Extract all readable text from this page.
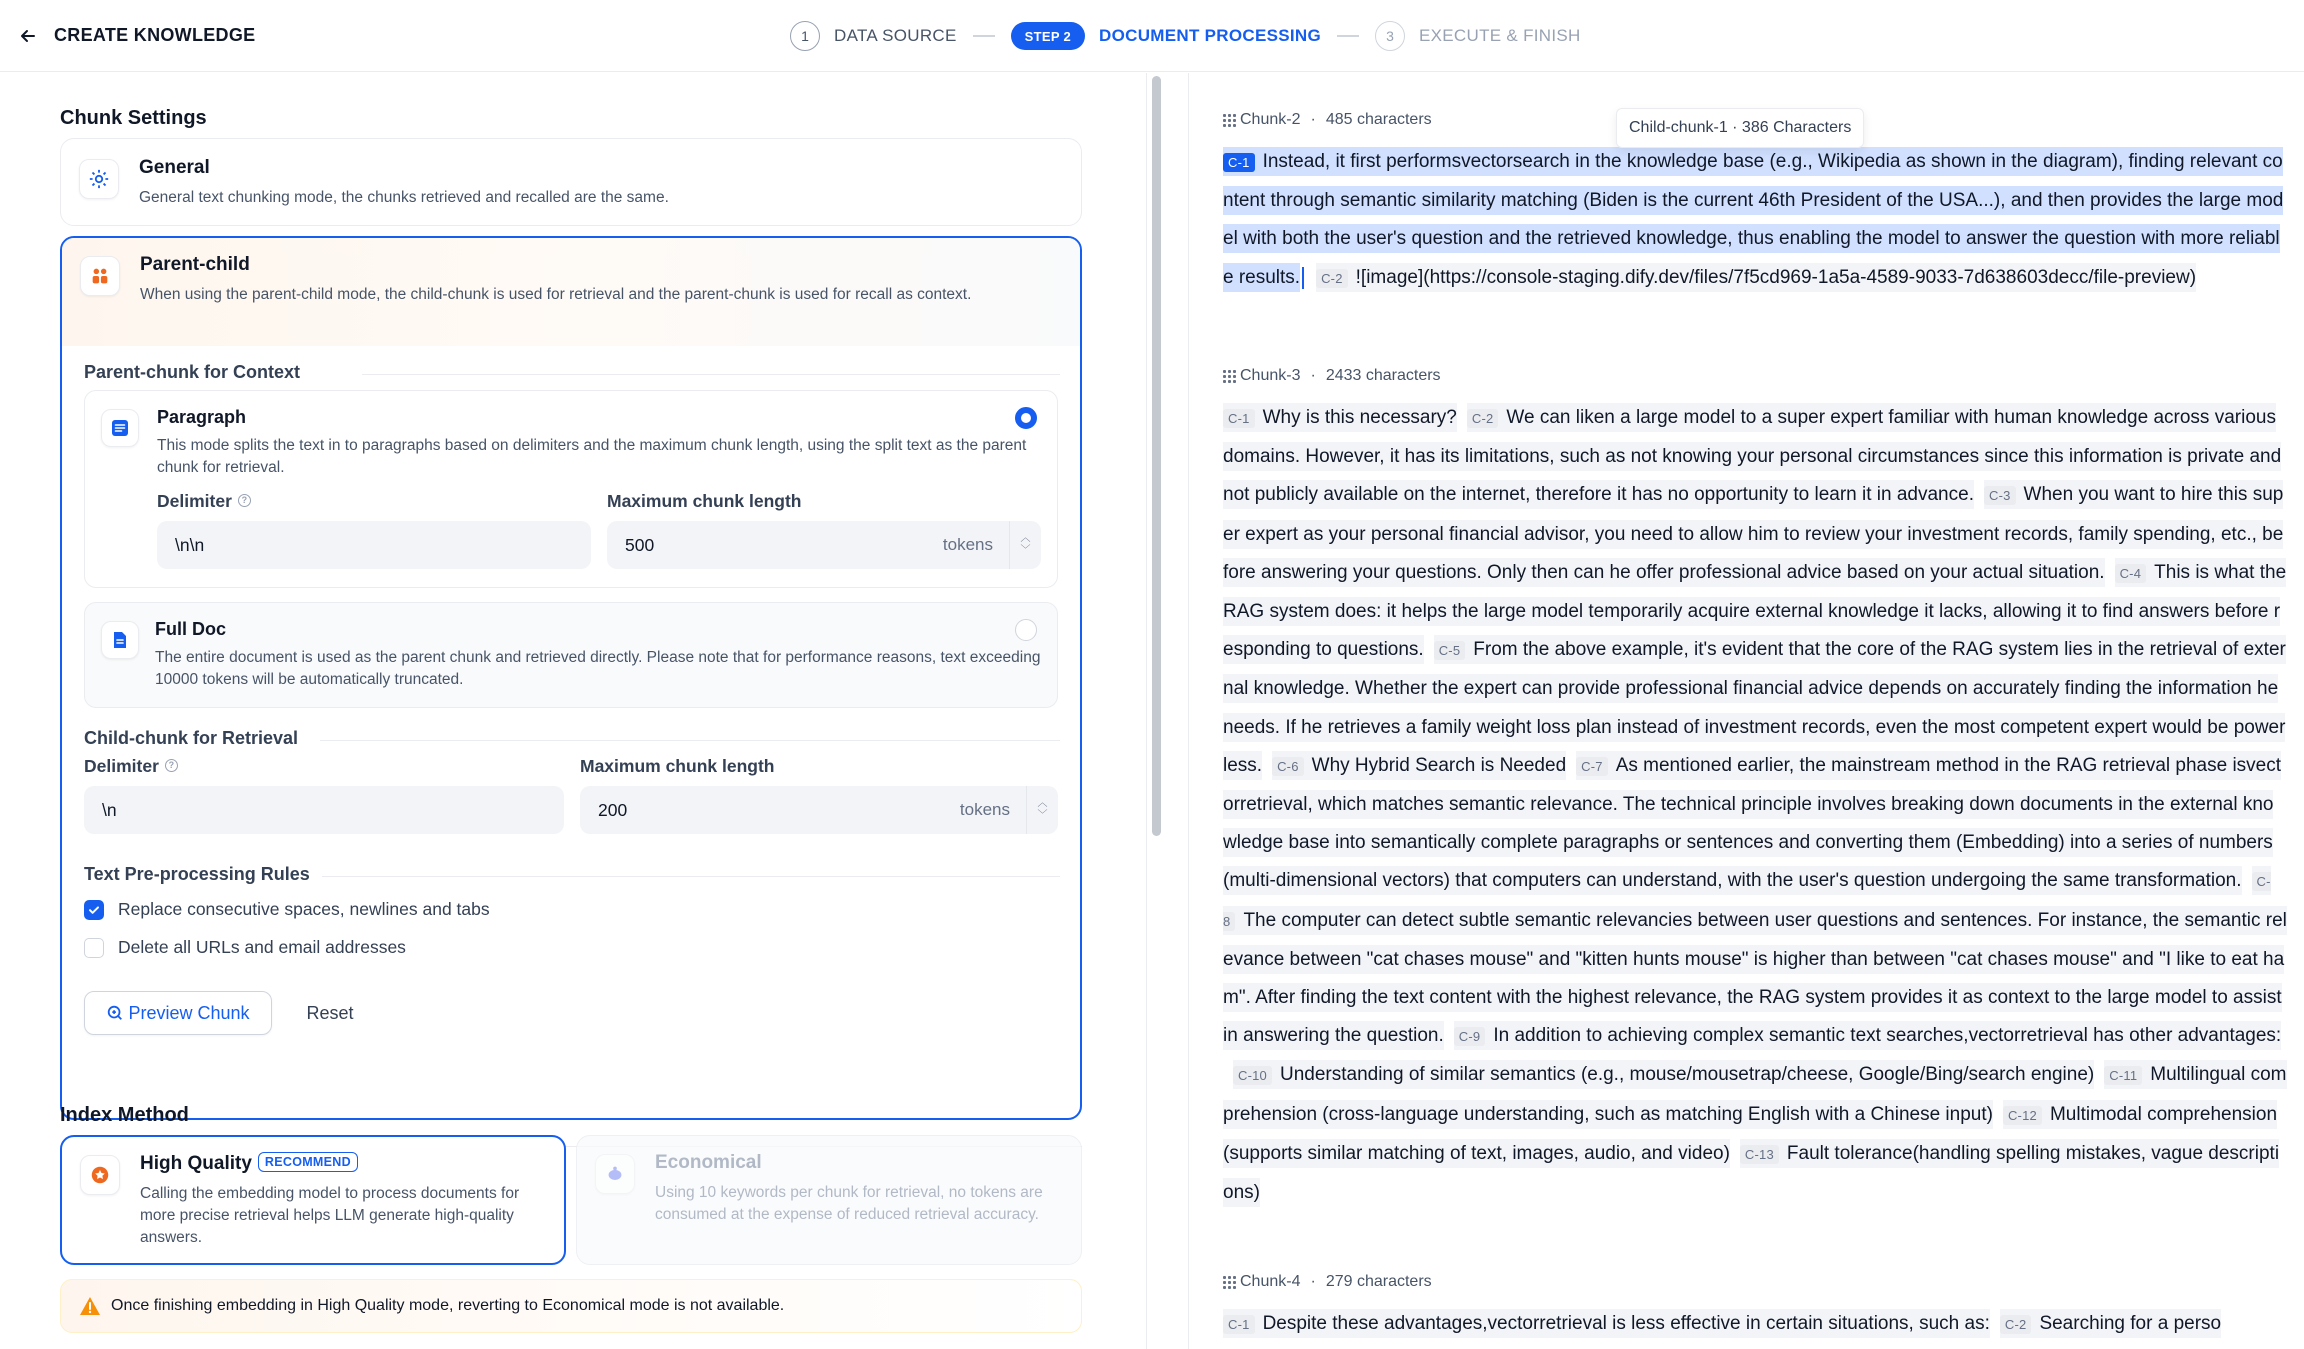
CREATE KNOWLEDGE	1	DATA SOURCE	STEP 2	DOCUMENT PROCESSING	3	EXECUTE & FINISH
Chunk Settings
General
General text chunking mode, the chunks retrieved and recalled are the same.
Parent-child
When using the parent-child mode, the child-chunk is used for retrieval and the parent-chunk is used for recall as context.
Parent-chunk for Context
Paragraph
This mode splits the text in to paragraphs based on delimiters and the maximum chunk length, using the split text as the parent chunk for retrieval.
Delimiter ?	Maximum chunk length
\n\n	500	tokens	︿
﹀
Full Doc
The entire document is used as the parent chunk and retrieved directly. Please note that for performance reasons, text exceeding 10000 tokens will be automatically truncated.
Child-chunk for Retrieval
Delimiter ?	Maximum chunk length
\n	200	tokens	︿
﹀
Text Pre-processing Rules
Replace consecutive spaces, newlines and tabs
Delete all URLs and email addresses
Preview Chunk	Reset
Index Method
High Quality RECOMMEND
Calling the embedding model to process documents for more precise retrieval helps LLM generate high-quality answers.
Economical
Using 10 keywords per chunk for retrieval, no tokens are consumed at the expense of reduced retrieval accuracy.
Once finishing embedding in High Quality mode, reverting to Economical mode is not available.
Chunk-2 · 485 characters
C-1 Instead, it first performsvectorsearch in the knowledge base (e.g., Wikipedia as shown in the diagram), finding relevant content through semantic similarity matching (Biden is the current 46th President of the USA...), and then provides the large model with both the user's question and the retrieved knowledge, thus enabling the model to answer the question with more reliable results. C-2 ![image](https://console-staging.dify.dev/files/7f5cd969-1a5a-4589-9033-7d6386​0​3decc/file-preview)
Chunk-3 · 2433 characters
C-1 Why is this necessary? C-2 We can liken a large model to a super expert familiar with human knowledge across various domains. However, it has its limitations, such as not knowing your personal circumstances since this information is private and not publicly available on the internet, therefore it has no opportunity to learn it in advance. C-3 When you want to hire this super expert as your personal financial advisor, you need to allow him to review your investment records, family spending, etc., before answering your questions. Only then can he offer professional advice based on your actual situation. C-4 This is what the RAG system does: it helps the large model temporarily acquire external knowledge it lacks, allowing it to find answers before responding to questions. C-5 From the above example, it's evident that the core of the RAG system lies in the retrieval of external knowledge. Whether the expert can provide professional financial advice depends on accurately finding the information he needs. If he retrieves a family weight loss plan instead of investment records, even the most competent expert would be powerless. C-6 Why Hybrid Search is Needed C-7 As mentioned earlier, the mainstream method in the RAG retrieval phase isvectorretrieval, which matches semantic relevance. The technical principle involves breaking down documents in the external knowledge base into semantically complete paragraphs or sentences and converting them (Embedding) into a series of numbers (multi-dimensional vectors) that computers can understand, with the user's question undergoing the same transformation. C-8 The computer can detect subtle semantic relevancies between user questions and sentences. For instance, the semantic relevance between "cat chases mouse" and "kitten hunts mouse" is higher than between "cat chases mouse" and "I like to eat ham". After finding the text content with the highest relevance, the RAG system provides it as context to the large model to assist in answering the question. C-9 In addition to achieving complex semantic text searches,vectorretrieval has other advantages:C-10 Understanding of similar semantics (e.g., mouse/mousetrap/cheese, Google/Bing/search engine) C-11 Multilingual comprehension (cross-language understanding, such as matching English with a Chinese input) C-12 Multimodal comprehension (supports similar matching of text, images, audio, and video) C-13 Fault tolerance(handling spelling mistakes, vague descriptions)
Chunk-4 · 279 characters
C-1 Despite these advantages,vectorretrieval is less effective in certain situations, such as: C-2 Searching for a perso
Child-chunk-1 · 386 Characters
